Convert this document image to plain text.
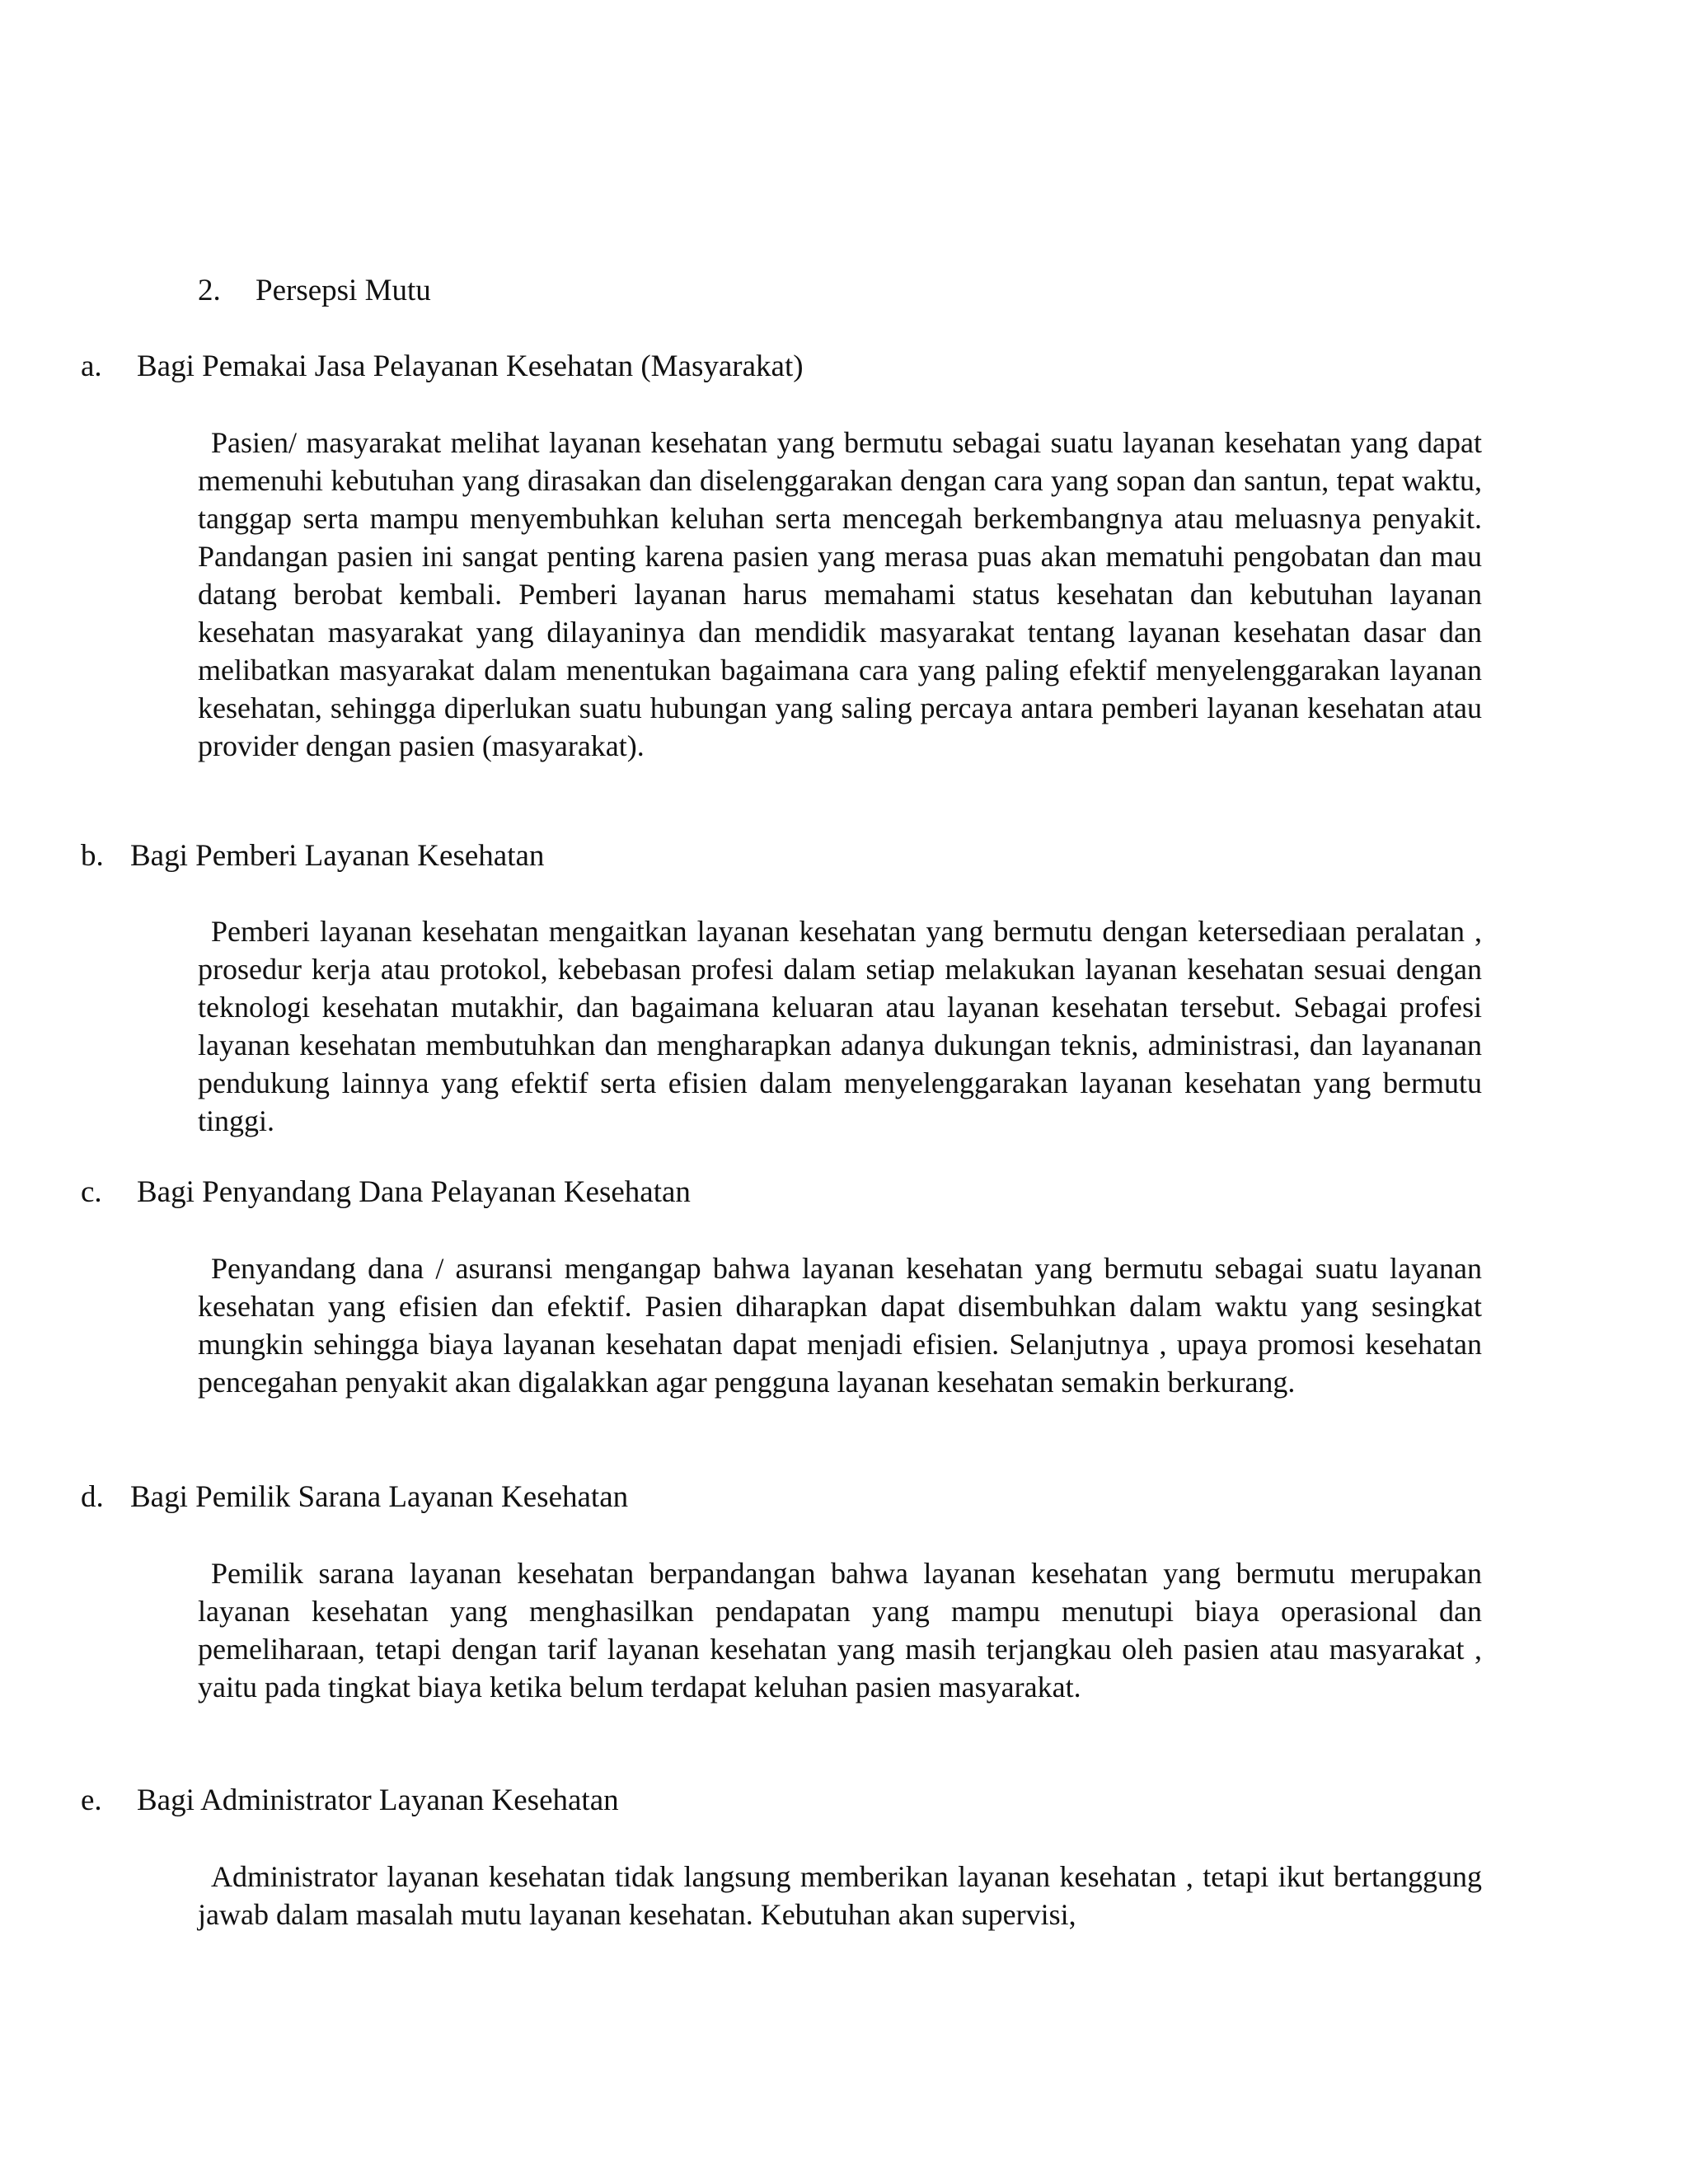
2. Persepsi Mutu
a. Bagi Pemakai Jasa Pelayanan Kesehatan (Masyarakat)

Pasien/ masyarakat melihat layanan kesehatan yang bermutu sebagai suatu layanan kesehatan yang dapat memenuhi kebutuhan yang dirasakan dan diselenggarakan dengan cara yang sopan dan santun, tepat waktu, tanggap serta mampu menyembuhkan keluhan serta mencegah berkembangnya atau meluasnya penyakit. Pandangan pasien ini sangat penting karena pasien yang merasa puas akan mematuhi pengobatan dan mau datang berobat kembali. Pemberi layanan harus memahami status kesehatan dan kebutuhan layanan kesehatan masyarakat yang dilayaninya dan mendidik masyarakat tentang layanan kesehatan dasar dan melibatkan masyarakat dalam menentukan bagaimana cara yang paling efektif menyelenggarakan layanan kesehatan, sehingga diperlukan suatu hubungan yang saling percaya antara pemberi layanan kesehatan atau provider dengan pasien (masyarakat).

b. Bagi Pemberi Layanan Kesehatan

Pemberi layanan kesehatan mengaitkan layanan kesehatan yang bermutu dengan ketersediaan peralatan , prosedur kerja atau protokol, kebebasan profesi dalam setiap melakukan layanan kesehatan sesuai dengan teknologi kesehatan mutakhir, dan bagaimana keluaran atau layanan kesehatan tersebut. Sebagai profesi layanan kesehatan membutuhkan dan mengharapkan adanya dukungan teknis, administrasi, dan layananan pendukung lainnya yang efektif serta efisien dalam menyelenggarakan layanan kesehatan yang bermutu tinggi.

c. Bagi Penyandang Dana Pelayanan Kesehatan

Penyandang dana / asuransi mengangap bahwa layanan kesehatan yang bermutu sebagai suatu layanan kesehatan yang efisien dan efektif. Pasien diharapkan dapat disembuhkan dalam waktu yang sesingkat mungkin sehingga biaya layanan kesehatan dapat menjadi efisien. Selanjutnya , upaya promosi kesehatan pencegahan penyakit akan digalakkan agar pengguna layanan kesehatan semakin berkurang.

d. Bagi Pemilik Sarana Layanan Kesehatan

Pemilik sarana layanan kesehatan berpandangan bahwa layanan kesehatan yang bermutu merupakan layanan kesehatan yang menghasilkan pendapatan yang mampu menutupi biaya operasional dan pemeliharaan, tetapi dengan tarif layanan kesehatan yang masih terjangkau oleh pasien atau masyarakat , yaitu pada tingkat biaya ketika belum terdapat keluhan pasien masyarakat.

e. Bagi Administrator Layanan Kesehatan

Administrator layanan kesehatan tidak langsung memberikan layanan kesehatan , tetapi ikut bertanggung jawab dalam masalah mutu layanan kesehatan. Kebutuhan akan supervisi,
